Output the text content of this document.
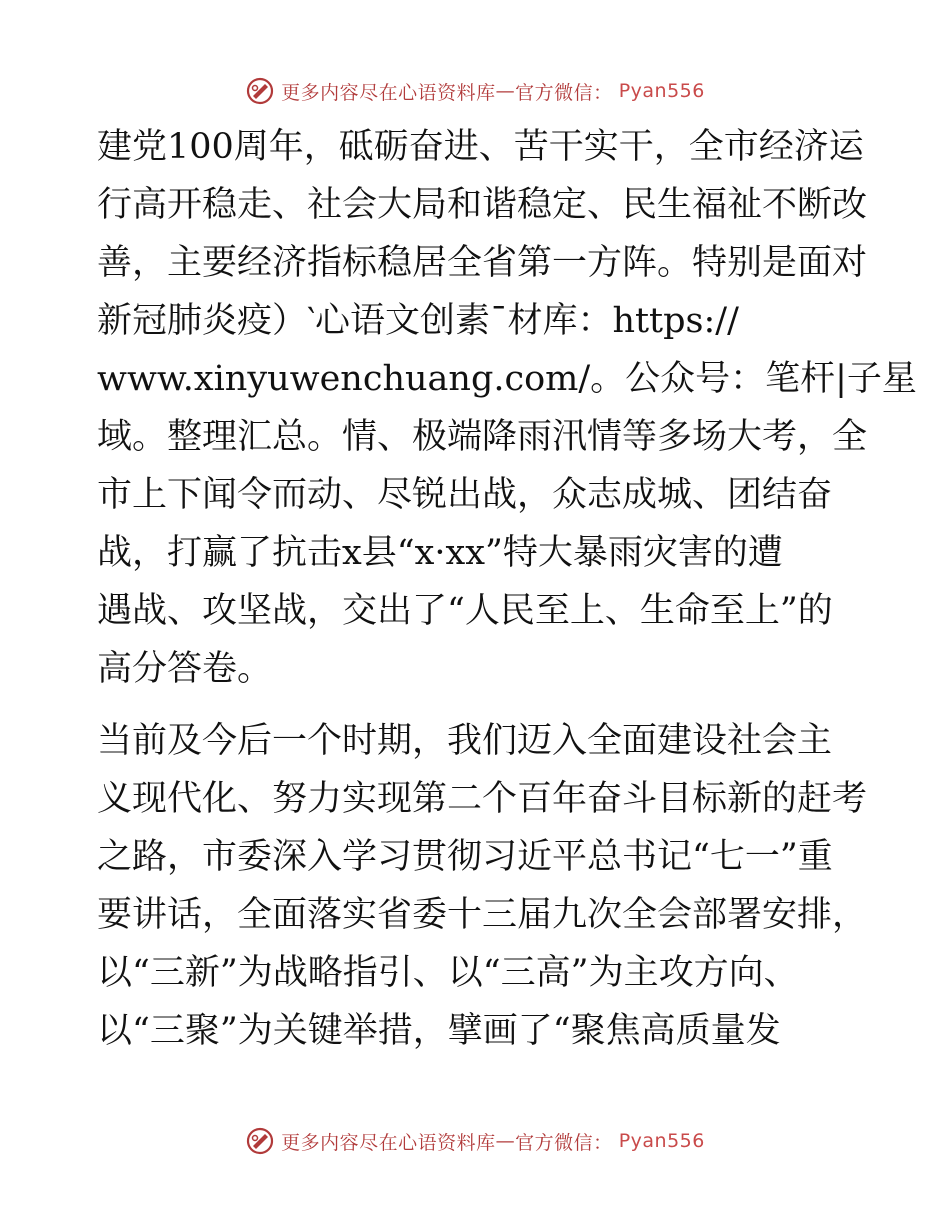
更多内容尽在心语资料库 — 官方微信： Pyan556
建党100周年，砥砺奋进、苦干实干，全市经济运
行高开稳走、社会大局和谐稳定、民生福祉不断改
善，主要经济指标稳居全省第一方阵。特别是面对
新冠肺炎疫）‵心语文创素¯材库：https://
www.xinyuwenchuang.com/。公众号：笔杆|子星
域。整理汇总。情、极端降雨汛情等多场大考，全
市上下闻令而动、尽锐出战，众志成城、团结奋
战，打赢了抗击x县“x·xx”特大暴雨灾害的遭
遇战、攻坚战，交出了“人民至上、生命至上”的
高分答卷。
当前及今后一个时期，我们迈入全面建设社会主
义现代化、努力实现第二个百年奋斗目标新的赶考
之路，市委深入学习贯彻习近平总书记“七一”重
要讲话，全面落实省委十三届九次全会部署安排，
以“三新”为战略指引、以“三高”为主攻方向、
以“三聚”为关键举措，擘画了“聚焦高质量发
更多内容尽在心语资料库 — 官方微信： Pyan556
